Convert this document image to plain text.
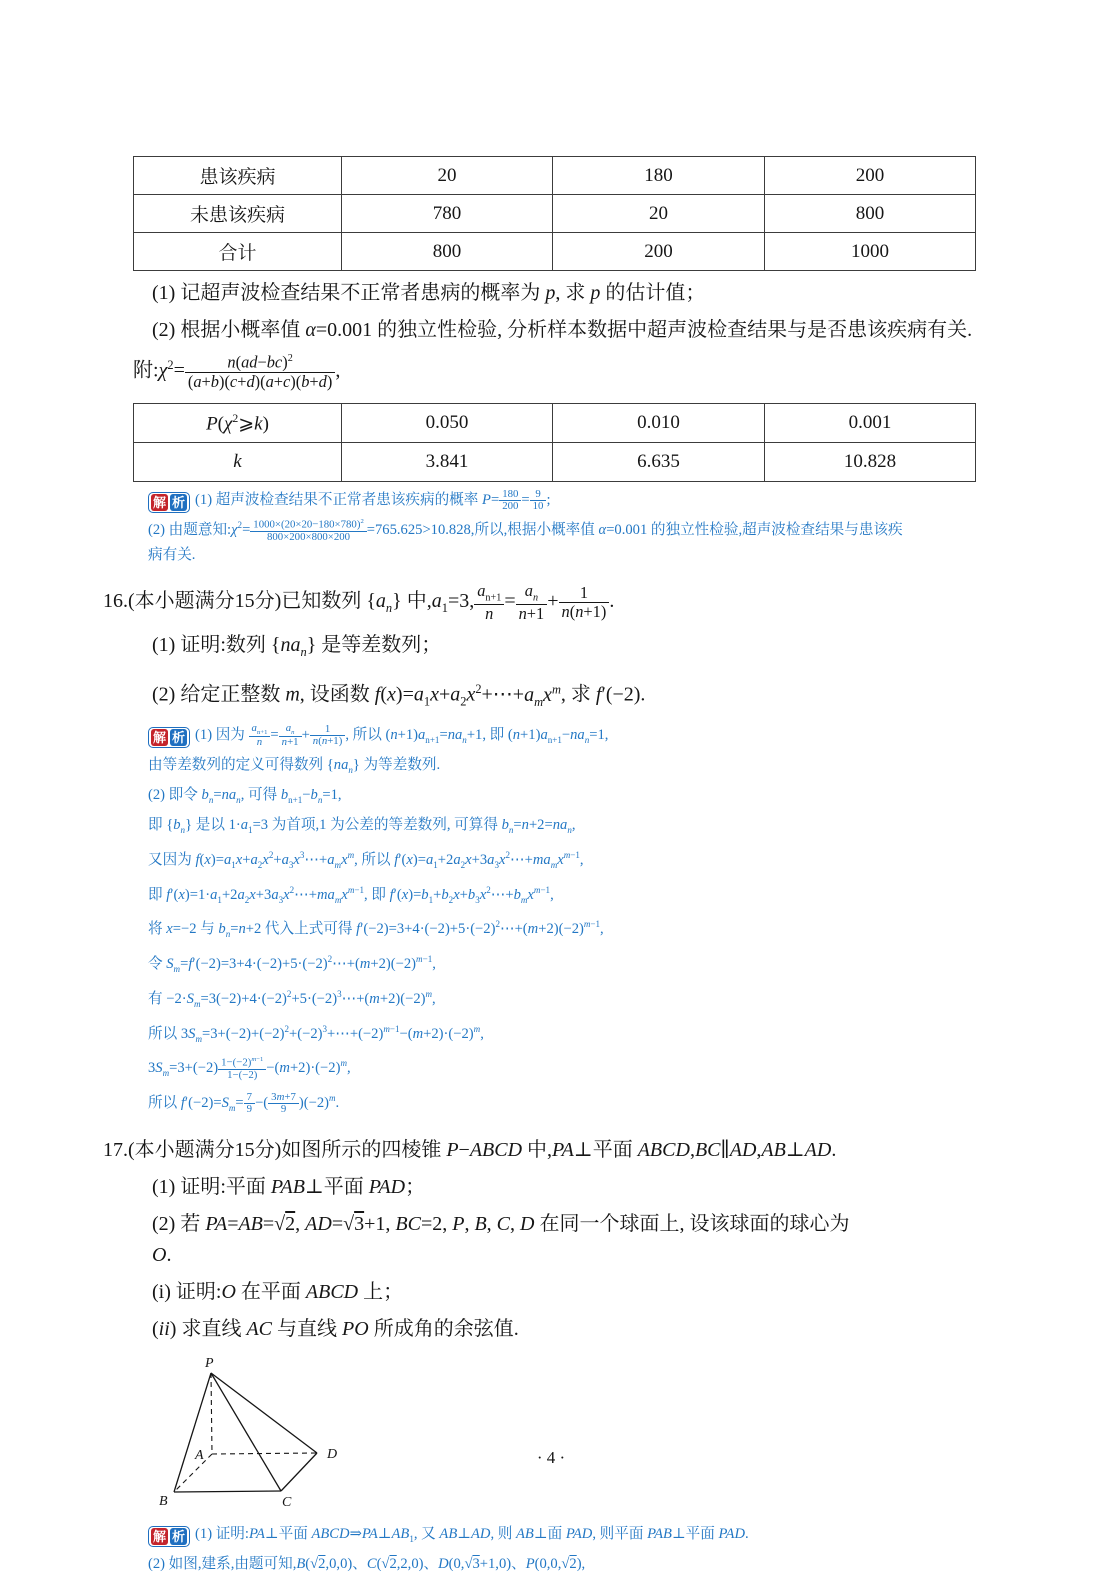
患该疾病	20	180	200
未患该疾病	780	20	800
合计	800	200	1000
(1) 记超声波检查结果不正常者患病的概率为 p, 求 p 的估计值；
(2) 根据小概率值 α=0.001 的独立性检验, 分析样本数据中超声波检查结果与是否患该疾病有关.
附$:\chi^2= \frac{n(ad-bc)^2}{(a+b)(c+d)(a+c)(b+d)}$ ,
$P(\chi^2⩾k)$	0.050	0.010	0.001
k	3.841	6.635	10.828
解 析 (1) 超声波检查结果不正常者患该疾病的概率 $P= \frac{180}{200} = \frac{9}{10}$ ;
(2) 由题意知$:\chi^2= \frac{1000\times(20\times 20-180\times 780)^2}{800\times 200\times 800\times 200} =765.625>10.828$,所以,根据小概率值 α=0.001 的独立性检验,超声波检查结果与患该疾
病有关.
16.(本小题满分15分)已知数列 $\{a_n\}$ 中$,a_1=3$, $\frac{a_{n+1}}{n} = \frac{a_n}{n+1} + \frac{1}{n(n+1)}$ .
(1) 证明:数列 $\{na_n\}$ 是等差数列；
(2) 给定正整数 m, 设函数 $f(x)=a_1x+a_2x^2+\cdots+a_mx^m$, 求 f′(−2).
解 析 (1) 因为 $\frac{a_{n+1}}{n} = \frac{a_n}{n+1} + \frac{1}{n(n+1)}$ , 所以 $(n+1)a_{n+1}=na_n+1$, 即 $(n+1)a_{n+1}-na_n=1$,
由等差数列的定义可得数列 $\{na_n\}$ 为等差数列.
(2) 即令 $b_n=na_n$, 可得 $b_{n+1}-b_n=1$,
即 $\{b_n\}$ 是以 $1\cdot a_1=3$ 为首项,1 为公差的等差数列, 可算得 $b_n=n+2=na_n$,
又因为 $f(x)=a_1x+a_2x^2+a_3x^3\cdots+a_mx^m$, 所以 $f'(x)=a_1+2a_2x+3a_3x^2\cdots+ma_mx^{m-1}$,
即 $f'(x)=1\cdot a_1+2a_2x+3a_3x^2\cdots+ma_mx^{m-1}$, 即 $f'(x)=b_1+b_2x+b_3x^2\cdots+b_mx^{m-1}$,
将 x=−2 与 $b_n=n+2$ 代入上式可得 $f'(-2)=3+4\cdot(-2)+5\cdot(-2)^2\cdots+(m+2)(-2)^{m-1}$,
令 $S_m=f'(-2)=3+4\cdot(-2)+5\cdot(-2)^2\cdots+(m+2)(-2)^{m-1}$,
有 $-2\cdot S_m=3(-2)+4\cdot(-2)^2+5\cdot(-2)^3\cdots+(m+2)(-2)^m$,
所以 $3S_m=3+(-2)+(-2)^2+(-2)^3+\cdots+(-2)^{m-1}-(m+2)\cdot(-2)^m$,
$3S_m=3+(-2) \frac{1-(-2)^{m-1}}{1-(-2)} -(m+2)\cdot(-2)^m$,
所以 $f'(-2)=S_m= \frac{7}{9}$ −( $\frac{3m+7}{9} )(-2)^m$.
17.(本小题满分15分)如图所示的四棱锥 P−ABCD 中,PA⊥平面 ABCD,BC∥AD,AB⊥AD.
(1) 证明:平面 PAB⊥平面 PAD；
(2) 若 PA=AB=√2, AD=√3+1, BC=2, P, B, C, D 在同一个球面上, 设该球面的球心为
O.
(i) 证明:O 在平面 ABCD 上；
(ii) 求直线 AC 与直线 PO 所成角的余弦值.
P
A
B	C
D
解 析 (1) 证明:PA⊥平面 $ABCD\Rightarrow PA\perp AB_1$, 又 AB⊥AD, 则 AB⊥面 PAD, 则平面 PAB⊥平面 PAD.
(2) 如图,建系,由题可知,B(√2,0,0)、C(√2,2,0)、D(0,√3+1,0)、P(0,0,√2),
· 4 ·
